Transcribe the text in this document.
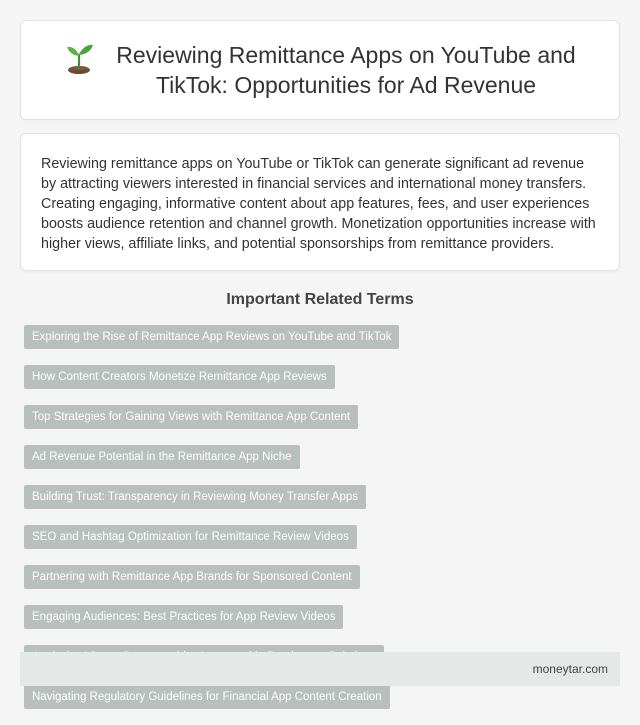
Reviewing Remittance Apps on YouTube and TikTok: Opportunities for Ad Revenue

Reviewing remittance apps on YouTube or TikTok can generate significant ad revenue by attracting viewers interested in financial services and international money transfers. Creating engaging, informative content about app features, fees, and user experiences boosts audience retention and channel growth. Monetization opportunities increase with higher views, affiliate links, and potential sponsorships from remittance providers.

Important Related Terms
Exploring the Rise of Remittance App Reviews on YouTube and TikTok
How Content Creators Monetize Remittance App Reviews
Top Strategies for Gaining Views with Remittance App Content
Ad Revenue Potential in the Remittance App Niche
Building Trust: Transparency in Reviewing Money Transfer Apps
SEO and Hashtag Optimization for Remittance Review Videos
Partnering with Remittance App Brands for Sponsored Content
Engaging Audiences: Best Practices for App Review Videos
Navigating Regulatory Guidelines for Financial App Content Creation
moneytar.com
